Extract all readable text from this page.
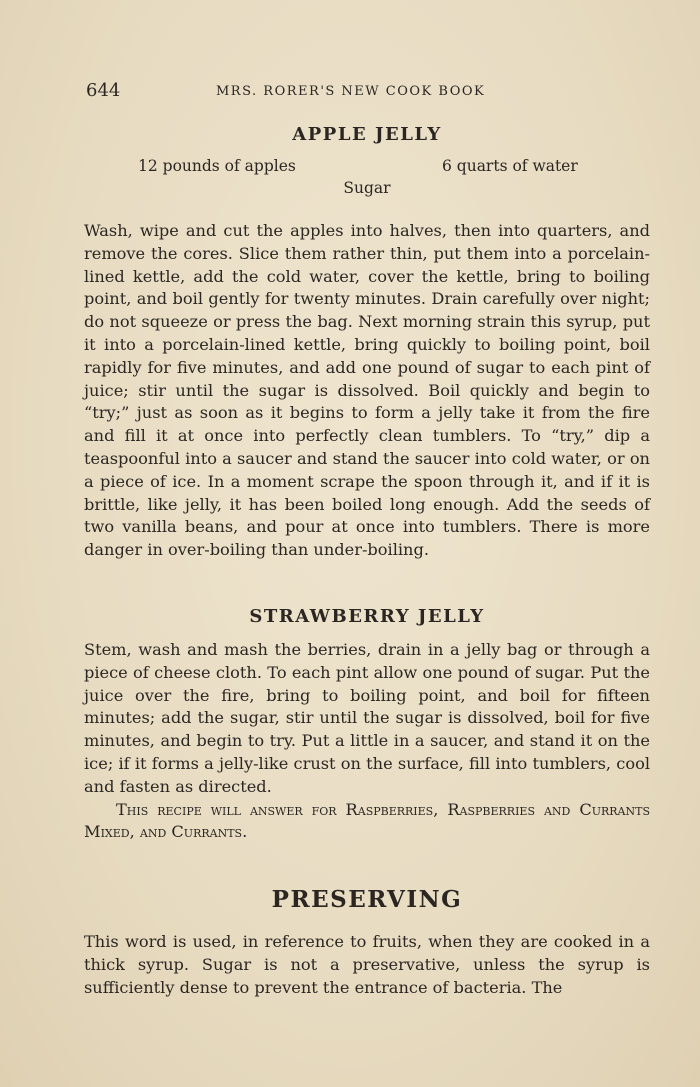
644	MRS. RORER'S NEW COOK BOOK
APPLE JELLY
12 pounds of apples	6 quarts of water
Sugar

Wash, wipe and cut the apples into halves, then into quarters, and remove the cores. Slice them rather thin, put them into a porcelain-lined kettle, add the cold water, cover the kettle, bring to boiling point, and boil gently for twenty minutes. Drain carefully over night; do not squeeze or press the bag. Next morning strain this syrup, put it into a porcelain-lined kettle, bring quickly to boiling point, boil rapidly for five minutes, and add one pound of sugar to each pint of juice; stir until the sugar is dissolved. Boil quickly and begin to “try;” just as soon as it begins to form a jelly take it from the fire and fill it at once into perfectly clean tumblers. To “try,” dip a teaspoonful into a saucer and stand the saucer into cold water, or on a piece of ice. In a moment scrape the spoon through it, and if it is brittle, like jelly, it has been boiled long enough. Add the seeds of two vanilla beans, and pour at once into tumblers. There is more danger in over-boiling than under-boiling.

STRAWBERRY JELLY

Stem, wash and mash the berries, drain in a jelly bag or through a piece of cheese cloth. To each pint allow one pound of sugar. Put the juice over the fire, bring to boiling point, and boil for fifteen minutes; add the sugar, stir until the sugar is dissolved, boil for five minutes, and begin to try. Put a little in a saucer, and stand it on the ice; if it forms a jelly-like crust on the surface, fill into tumblers, cool and fasten as directed.

This recipe will answer for Raspberries, Raspberries and Currants Mixed, and Currants.

PRESERVING

This word is used, in reference to fruits, when they are cooked in a thick syrup. Sugar is not a preservative, unless the syrup is sufficiently dense to prevent the entrance of bacteria. The
